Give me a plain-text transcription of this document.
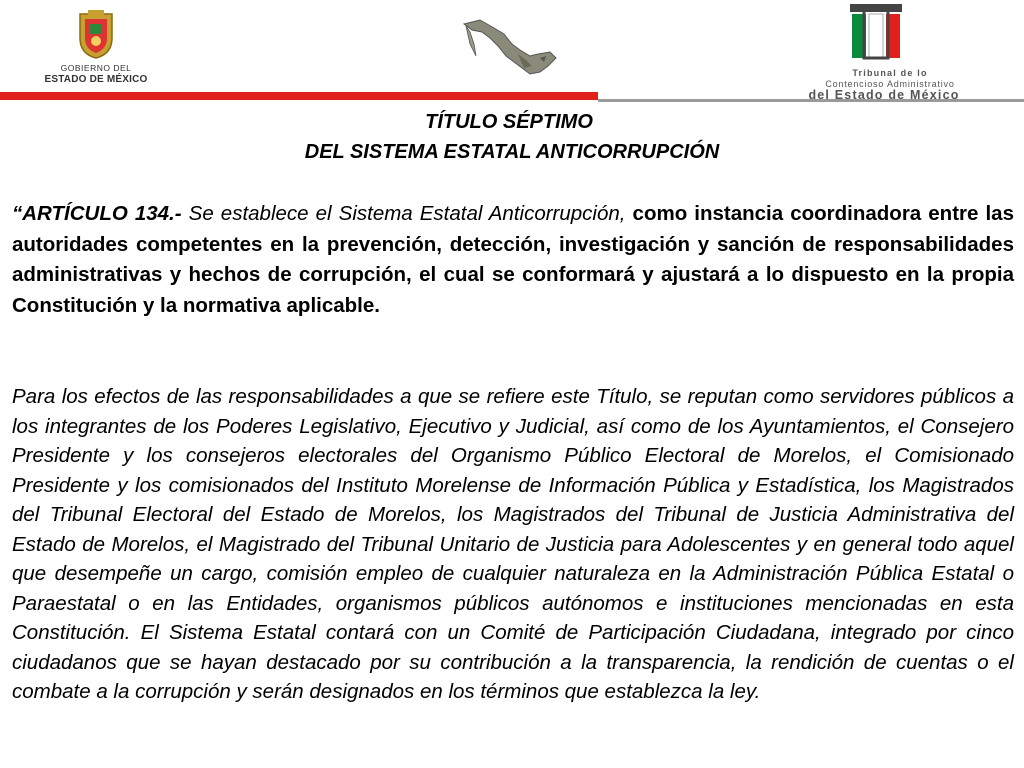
GOBIERNO DEL
ESTADO DE MÉXICO
Tribunal de lo
Contencioso Administrativo
del Estado de México
TÍTULO SÉPTIMO
DEL SISTEMA ESTATAL ANTICORRUPCIÓN
“ARTÍCULO 134.- Se establece el Sistema Estatal Anticorrupción, como instancia coordinadora entre las autoridades competentes en la prevención, detección, investigación y sanción de responsabilidades administrativas y hechos de corrupción, el cual se conformará y ajustará a lo dispuesto en la propia Constitución y la normativa aplicable.
Para los efectos de las responsabilidades a que se refiere este Título, se reputan como servidores públicos a los integrantes de los Poderes Legislativo, Ejecutivo y Judicial, así como de los Ayuntamientos, el Consejero Presidente y los consejeros electorales del Organismo Público Electoral de Morelos, el Comisionado Presidente y los comisionados del Instituto Morelense de Información Pública y Estadística, los Magistrados del Tribunal Electoral del Estado de Morelos, los Magistrados del Tribunal de Justicia Administrativa del Estado de Morelos, el Magistrado del Tribunal Unitario de Justicia para Adolescentes y en general todo aquel que desempeñe un cargo, comisión empleo de cualquier naturaleza en la Administración Pública Estatal o Paraestatal o en las Entidades, organismos públicos autónomos e instituciones mencionadas en esta Constitución. El Sistema Estatal contará con un Comité de Participación Ciudadana, integrado por cinco ciudadanos que se hayan destacado por su contribución a la transparencia, la rendición de cuentas o el combate a la corrupción y serán designados en los términos que establezca la ley.
